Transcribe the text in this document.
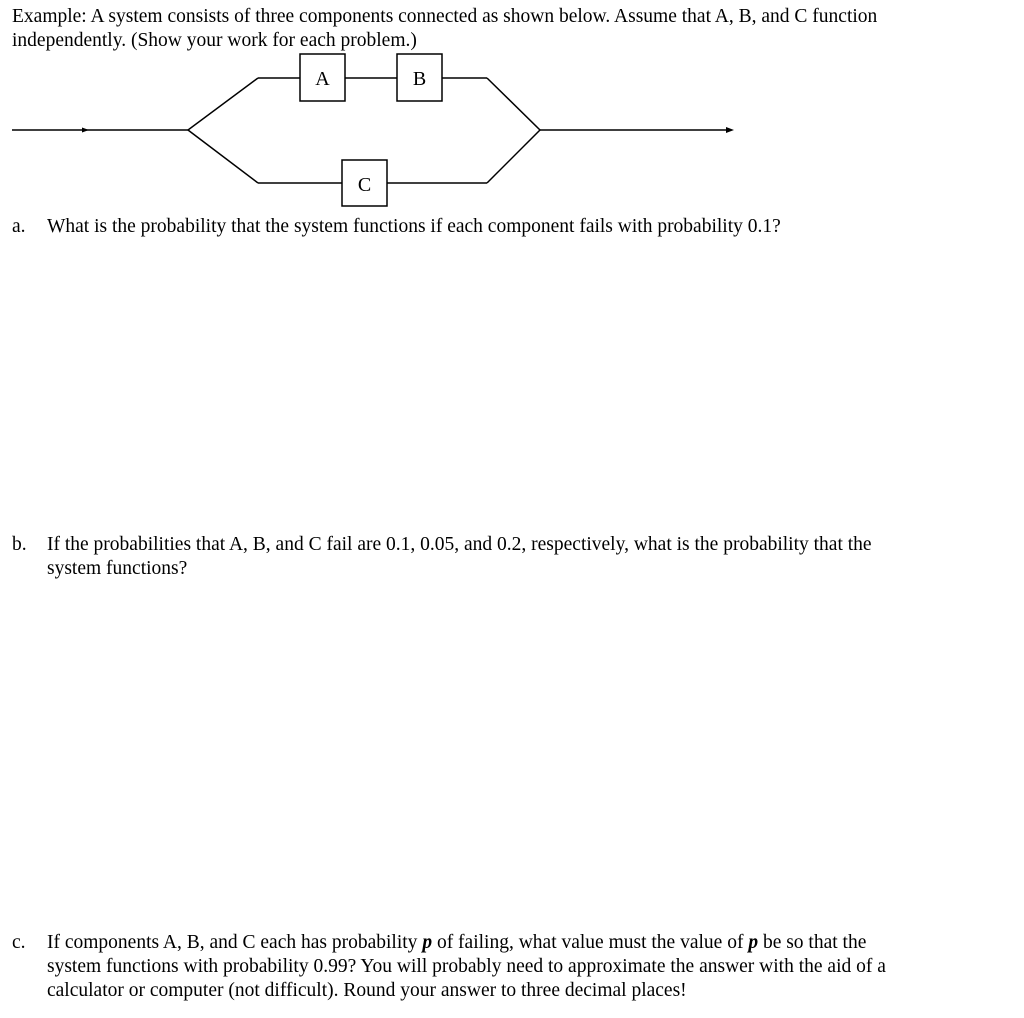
Example: A system consists of three components connected as shown below. Assume that A, B, and C function
independently. (Show your work for each problem.)
A	B
C
a. What is the probability that the system functions if each component fails with probability 0.1?
b. If the probabilities that A, B, and C fail are 0.1, 0.05, and 0.2, respectively, what is the probability that the
system functions?
c. If components A, B, and C each has probability p of failing, what value must the value of p be so that the
system functions with probability 0.99? You will probably need to approximate the answer with the aid of a
calculator or computer (not difficult). Round your answer to three decimal places!
